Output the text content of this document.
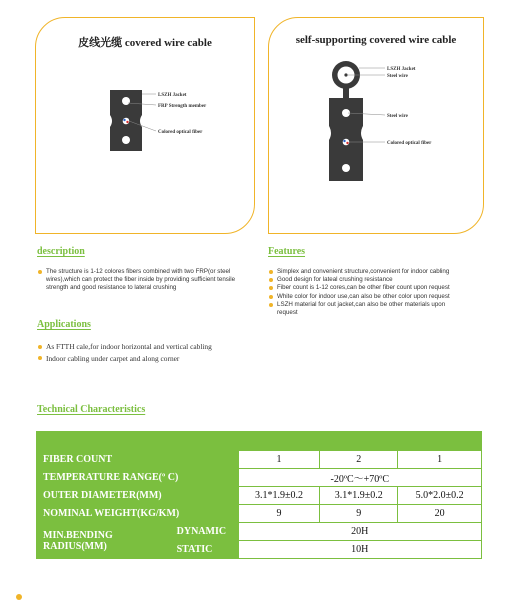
皮线光缆 covered wire cable
LSZH Jacket
FRP Strength member
Colored optical fiber
self-supporting covered wire cable
LSZH Jacket
Steel wire
Steel wire
Colored optical fiber
description
The structure is 1-12 colores fibers combined with two FRP(or steel wires),which can protect the fiber inside by providing sufficient tensile strength and good resistance to lateral crushing
Applications
As FTTH cale,for indoor horizontal and vertical cabling
Indoor cabling under carpet and along corner
Features
Simplex and convenient structure,convenient for indoor cabling
Good design for lateal crushing resistance
Fiber count is 1-12 cores,can be other fiber count upon request
White color for indoor use,can also be other color upon request
LSZH material for out jacket,can also be other materials upon request
Technical Characteristics

FIBER COUNT		1	2	1
TEMPERATURE RANGE(º C)		-20ºC～+70ºC		
OUTER DIAMETER(MM)		3.1*1.9±0.2	3.1*1.9±0.2	5.0*2.0±0.2
NOMINAL WEIGHT(KG/KM)		9	9	20
MIN.BENDING
RADIUS(MM)	DYNAMIC	20H		
	STATIC	10H		
